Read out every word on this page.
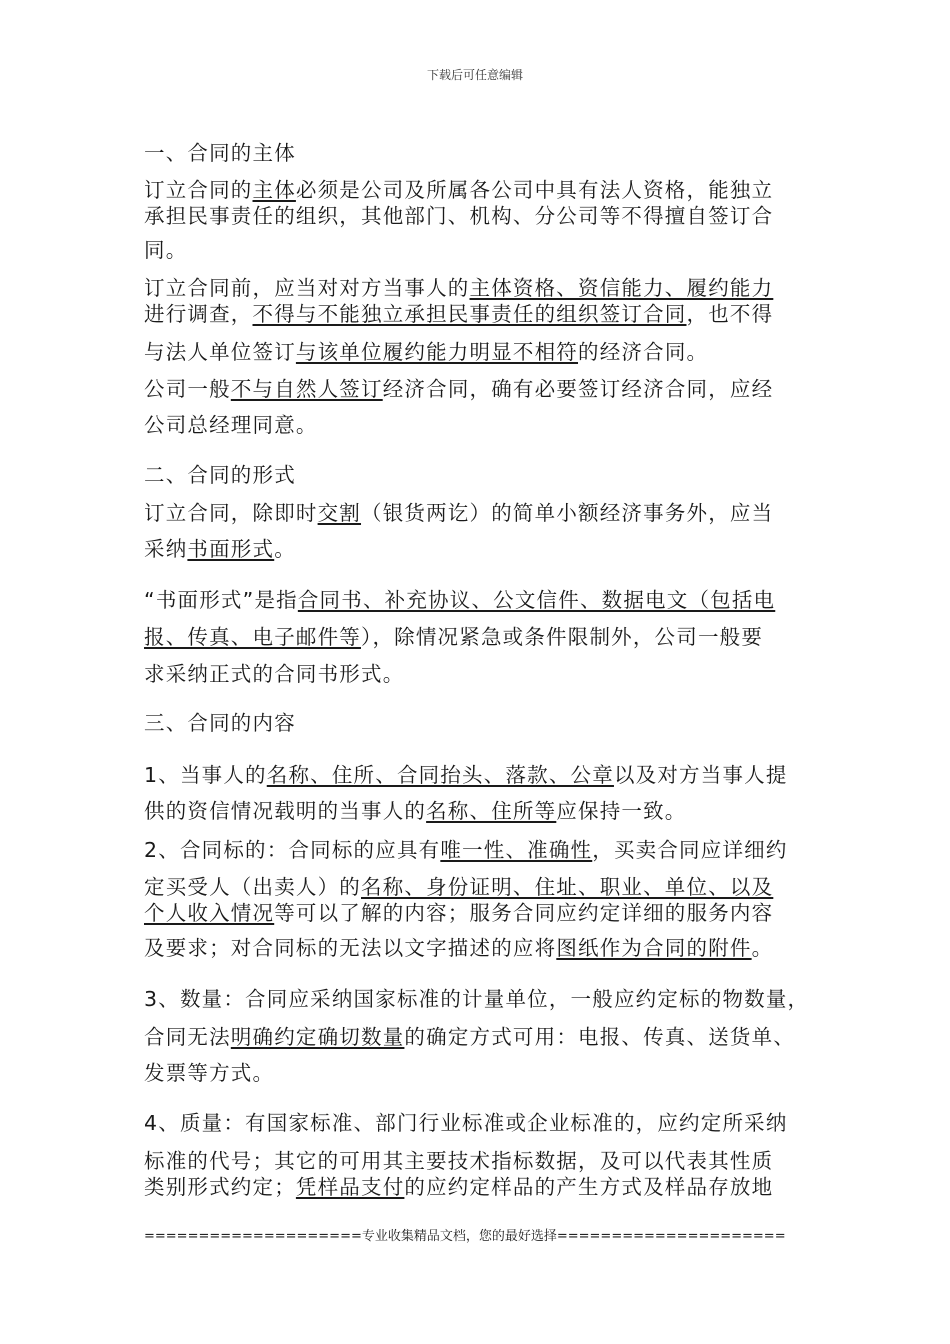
下载后可任意编辑
一、合同的主体
订立合同的主体必须是公司及所属各公司中具有法人资格，能独立
承担民事责任的组织，其他部门、机构、分公司等不得擅自签订合
同。
订立合同前，应当对对方当事人的主体资格、资信能力、履约能力
进行调查，不得与不能独立承担民事责任的组织签订合同，也不得
与法人单位签订与该单位履约能力明显不相符的经济合同。
公司一般不与自然人签订经济合同，确有必要签订经济合同，应经
公司总经理同意。
二、合同的形式
订立合同，除即时交割（银货两讫）的简单小额经济事务外，应当
采纳书面形式。
“书面形式”是指合同书、补充协议、公文信件、数据电文（包括电
报、传真、电子邮件等），除情况紧急或条件限制外，公司一般要
求采纳正式的合同书形式。
三、合同的内容
1、当事人的名称、住所、合同抬头、落款、公章以及对方当事人提
供的资信情况载明的当事人的名称、住所等应保持一致。
2、合同标的：合同标的应具有唯一性、准确性，买卖合同应详细约
定买受人（出卖人）的名称、身份证明、住址、职业、单位、以及
个人收入情况等可以了解的内容；服务合同应约定详细的服务内容
及要求；对合同标的无法以文字描述的应将图纸作为合同的附件。
3、数量：合同应采纳国家标准的计量单位，一般应约定标的物数量，
合同无法明确约定确切数量的确定方式可用：电报、传真、送货单、
发票等方式。
4、质量：有国家标准、部门行业标准或企业标准的，应约定所采纳
标准的代号；其它的可用其主要技术指标数据，及可以代表其性质
类别形式约定；凭样品支付的应约定样品的产生方式及样品存放地
====================专业收集精品文档，您的最好选择=====================
